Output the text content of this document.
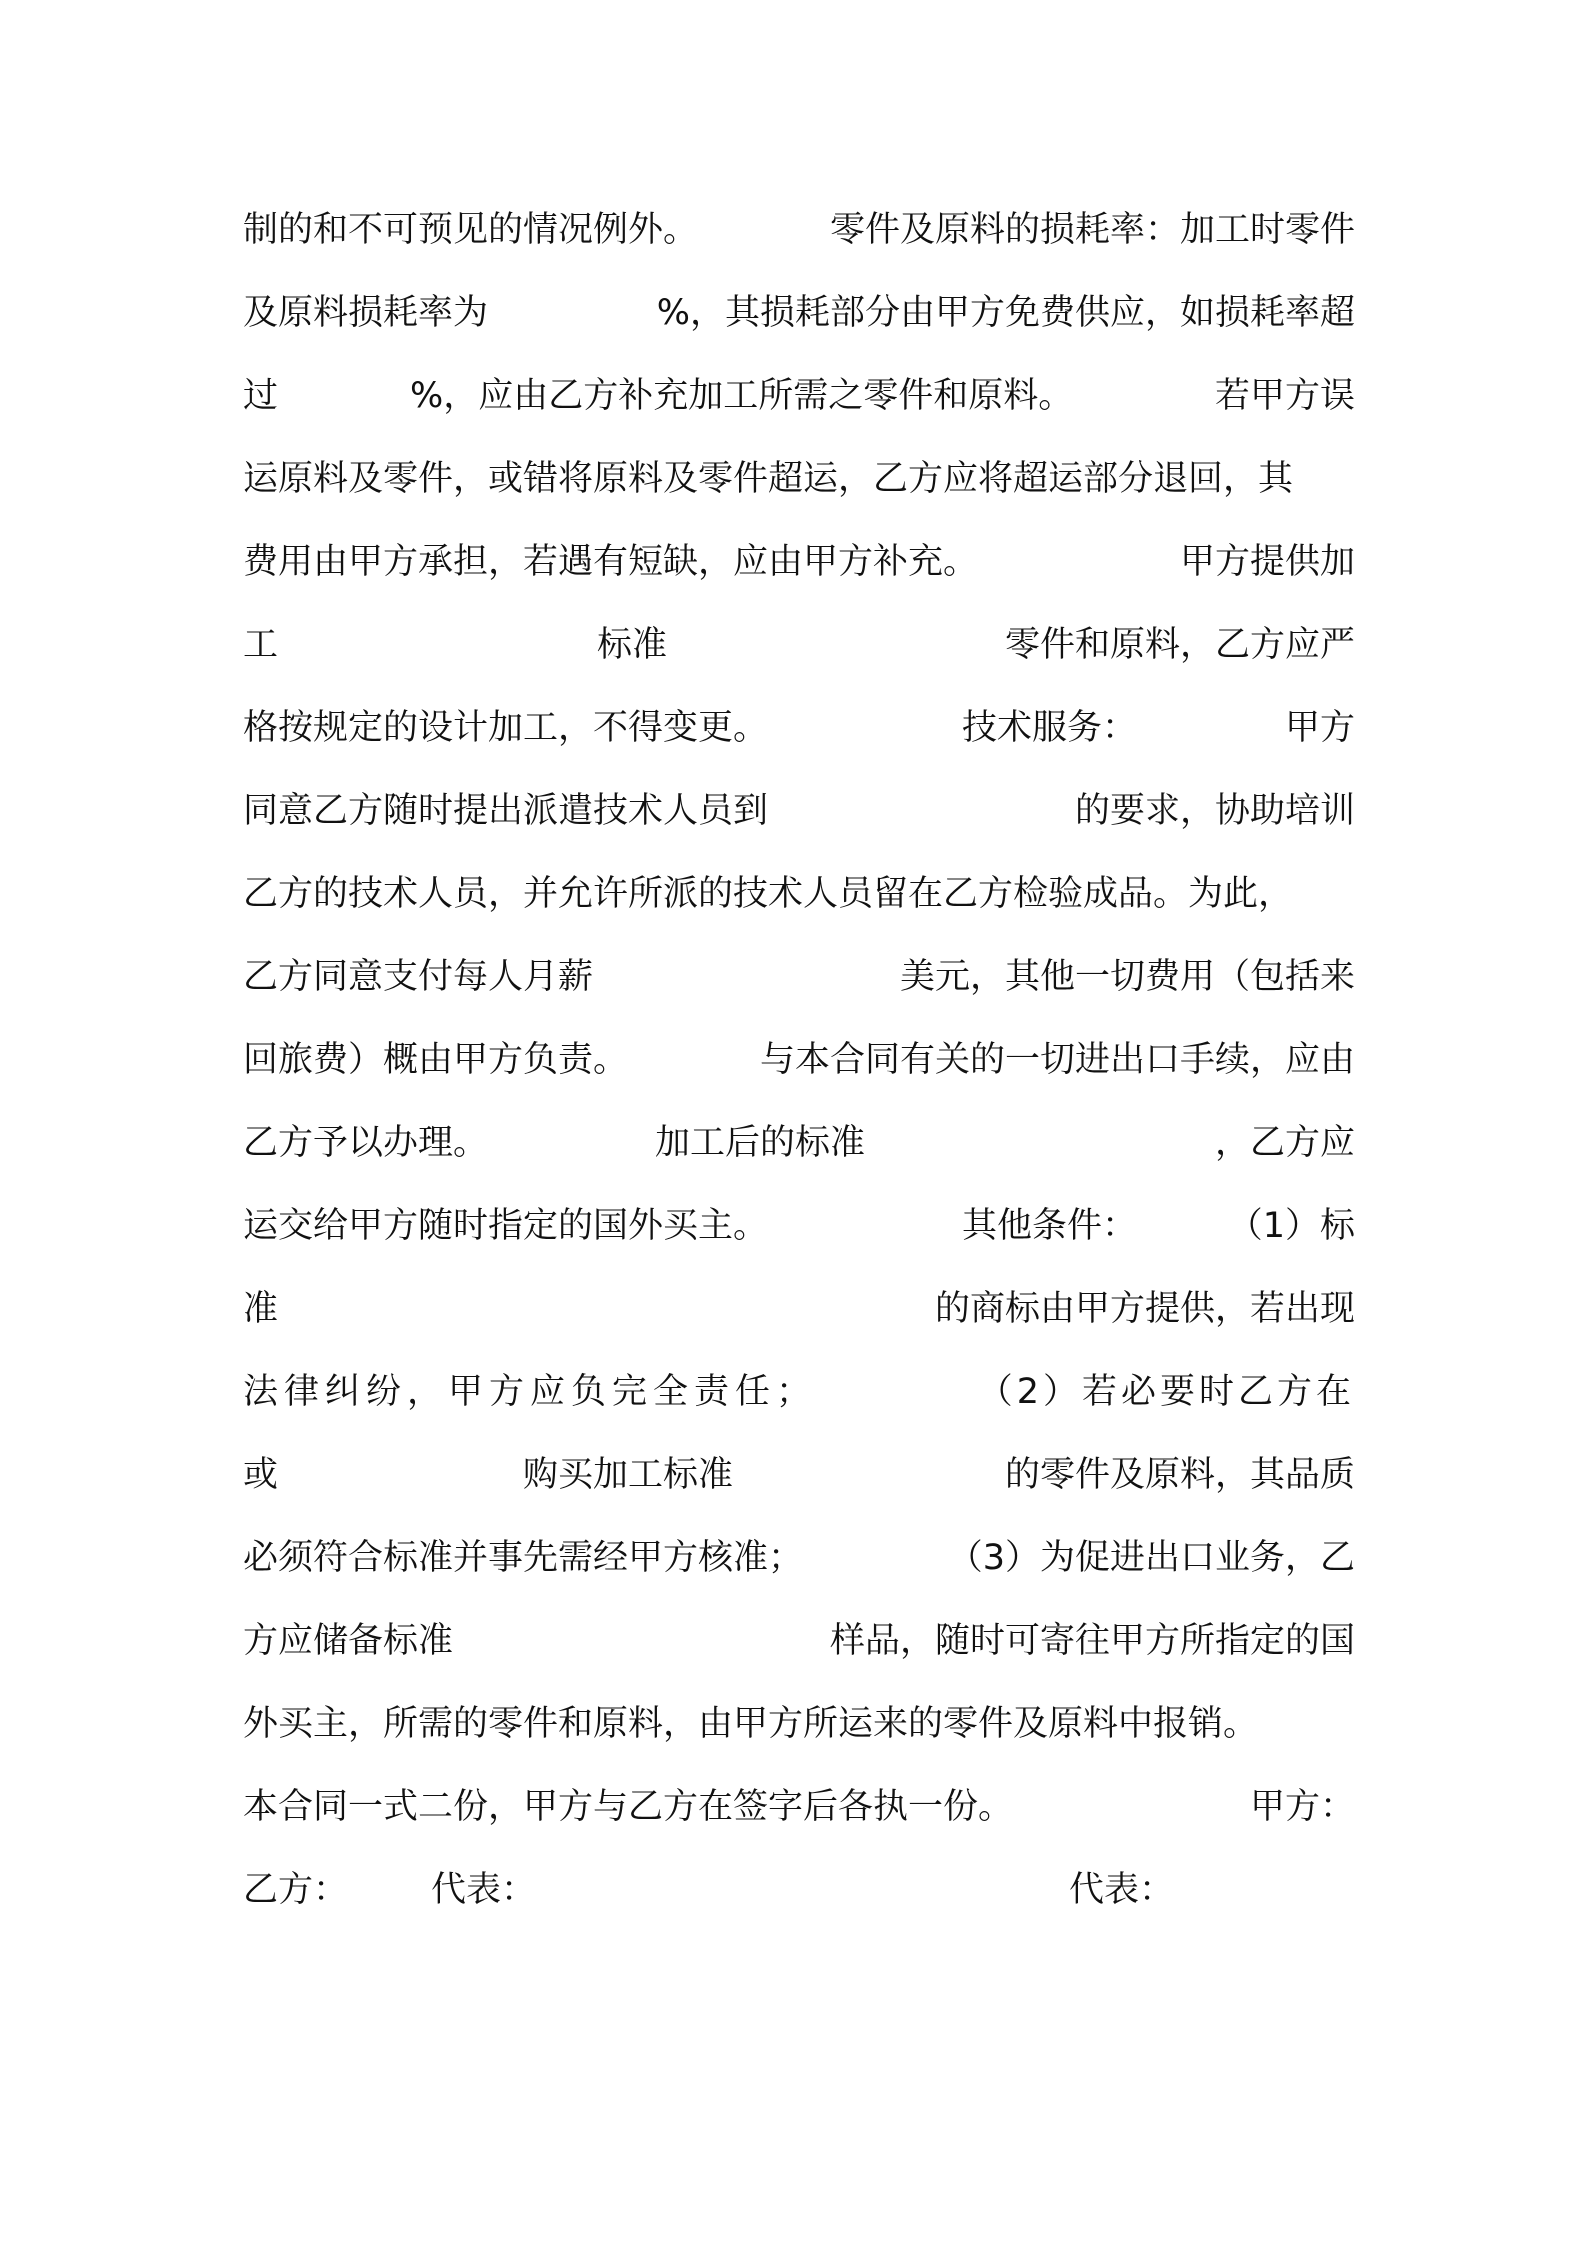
制的和不可预见的情况例外。	零件及原料的损耗率：加工时零件
及原料损耗率为	%，其损耗部分由甲方免费供应，如损耗率超
过	%，应由乙方补充加工所需之零件和原料。	若甲方误
运原料及零件，或错将原料及零件超运，乙方应将超运部分退回，其
费用由甲方承担，若遇有短缺，应由甲方补充。	甲方提供加
工	标准	零件和原料，乙方应严
格按规定的设计加工，不得变更。	技术服务：	甲方
同意乙方随时提出派遣技术人员到	的要求，协助培训
乙方的技术人员，并允许所派的技术人员留在乙方检验成品。为此，
乙方同意支付每人月薪	美元，其他一切费用（包括来
回旅费）概由甲方负责。	与本合同有关的一切进出口手续，应由
乙方予以办理。	加工后的标准	，乙方应
运交给甲方随时指定的国外买主。	其他条件：	（1）标
准	的商标由甲方提供，若出现
法律纠纷，甲方应负完全责任；	（2）若必要时乙方在
或	购买加工标准	的零件及原料，其品质
必须符合标准并事先需经甲方核准；	（3）为促进出口业务，乙
方应储备标准	样品，随时可寄往甲方所指定的国
外买主，所需的零件和原料，由甲方所运来的零件及原料中报销。
本合同一式二份，甲方与乙方在签字后各执一份。	甲方：
乙方： 代表：	代表：
